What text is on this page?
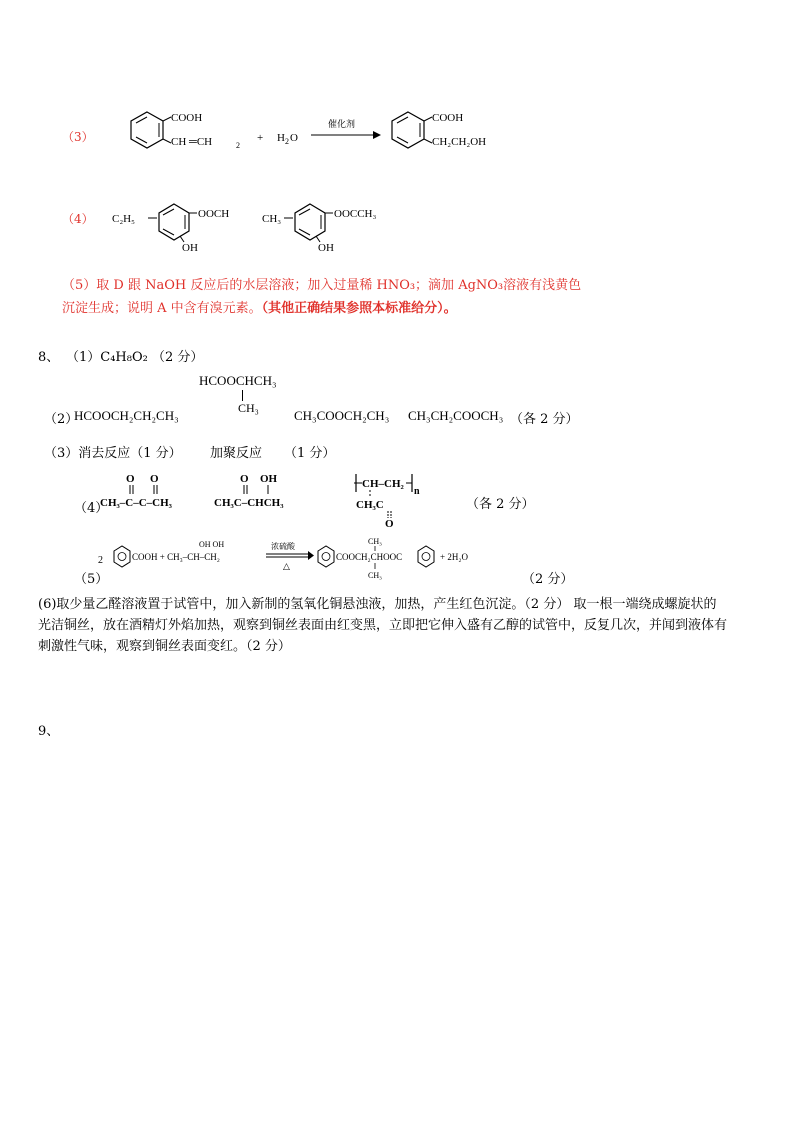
（3）
COOH
CH ═CH	2
+ H 2 O
催化剂	COOH
CH₂CH₂OH
（4） C₂H₅	OOCH
OH
CH₃	OOCCH₃
OH
（5）取 D 跟 NaOH 反应后的水层溶液；加入过量稀 HNO₃；滴加 AgNO₃溶液有浅黄色
沉淀生成；说明 A 中含有溴元素。（其他正确结果参照本标准给分）。
8、 （1）C₄H₈O₂ （2 分）
HCOOCHCH₃
CH₃
（2）
HCOOCH₂CH₂CH₃	CH₃COOCH₂CH₃ CH₃CH₂COOCH₃ （各 2 分）
（3）消去反应（1 分） 加聚反应 （1 分）
（4）
O O
CH₃–C–C–CH₃
O OH
CH₃C–CHCH₃
CH–CH₂
n
CH₃C
O
（各 2 分）
（5）
2	COOH + CH₃–CH–CH₂
OH OH	浓硫酸
△
COOCH₂CHOOC
CH₃
CH₃
+ 2H₂O
（2 分）
(6)取少量乙醛溶液置于试管中，加入新制的氢氧化铜悬浊液，加热，产生红色沉淀。（2 分） 取一根一端绕成螺旋状的
光洁铜丝，放在酒精灯外焰加热，观察到铜丝表面由红变黑，立即把它伸入盛有乙醇的试管中，反复几次，并闻到液体有
刺激性气味，观察到铜丝表面变红。（2 分）
9、
